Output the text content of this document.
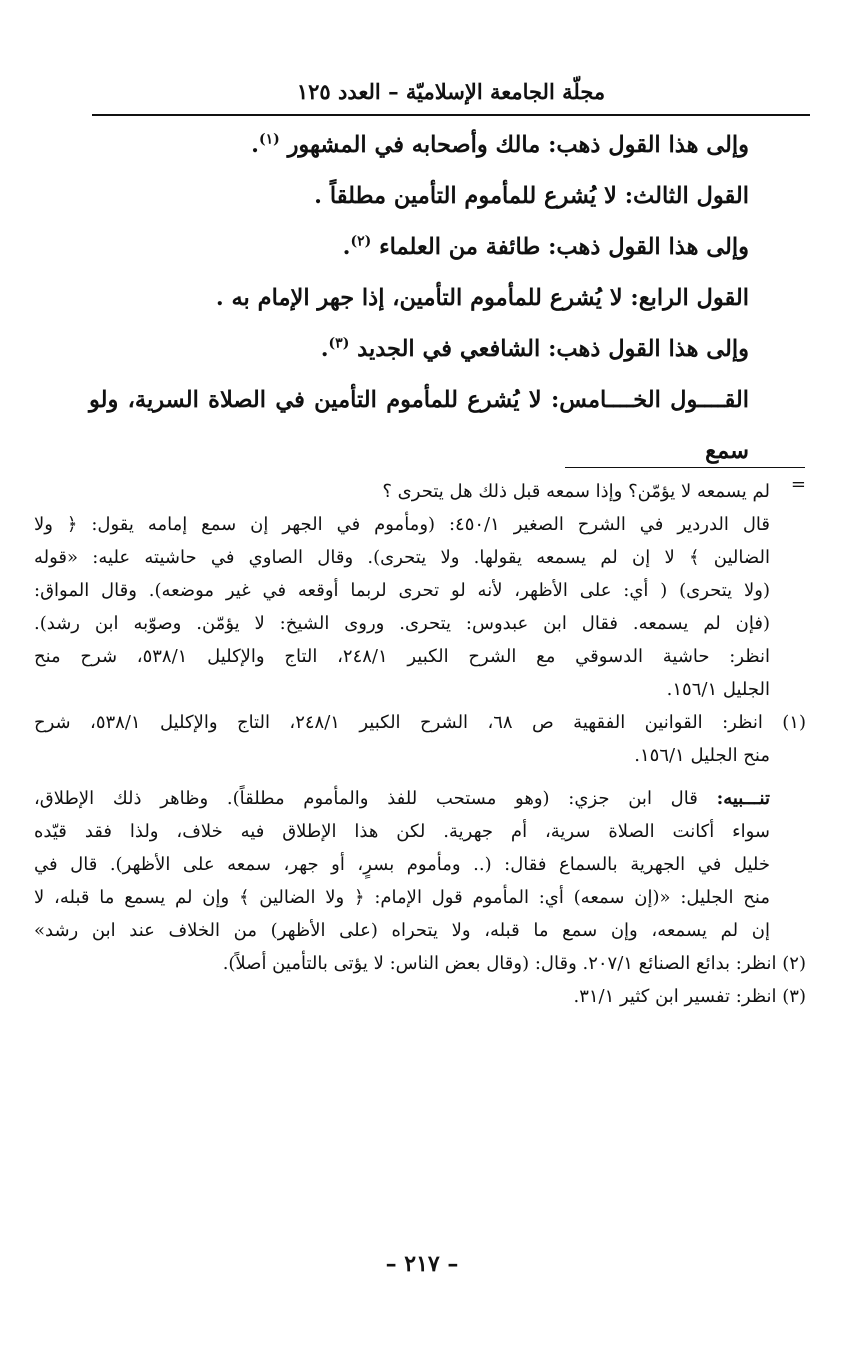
مجلّة الجامعة الإسلاميّة – العدد ١٢٥
وإلى هذا القول ذهب: مالك وأصحابه في المشهور $^{(١)}$.
القول الثالث: لا يُشرع للمأموم التأمين مطلقاً .
وإلى هذا القول ذهب: طائفة من العلماء $^{(٢)}$.
القول الرابع: لا يُشرع للمأموم التأمين، إذا جهر الإمام به .
وإلى هذا القول ذهب: الشافعي في الجديد $^{(٣)}$.
القــــول الخــــامس: لا يُشرع للمأموم التأمين في الصلاة السرية، ولو سمع
=
لم يسمعه لا يؤمّن؟ وإذا سمعه قبل ذلك هل يتحرى ؟
قال الدردير في الشرح الصغير ٤٥٠/١: (ومأموم في الجهر إن سمع إمامه يقول: ﴿ ولا
الضالين ﴾ لا إن لم يسمعه يقولها. ولا يتحرى). وقال الصاوي في حاشيته عليه: «قوله
(ولا يتحرى) ( أي: على الأظهر، لأنه لو تحرى لربما أوقعه في غير موضعه). وقال المواق:
(فإن لم يسمعه. فقال ابن عبدوس: يتحرى. وروى الشيخ: لا يؤمّن. وصوّبه ابن رشد).
انظر: حاشية الدسوقي مع الشرح الكبير ٢٤٨/١، التاج والإكليل ٥٣٨/١، شرح منح
الجليل ١٥٦/١.
(١) انظر: القوانين الفقهية ص ٦٨، الشرح الكبير ٢٤٨/١، التاج والإكليل ٥٣٨/١، شرح
منح الجليل ١٥٦/١.
تنـــبيه: قال ابن جزي: (وهو مستحب للفذ والمأموم مطلقاً). وظاهر ذلك الإطلاق،
سواء أكانت الصلاة سرية، أم جهرية. لكن هذا الإطلاق فيه خلاف، ولذا فقد قيّده
خليل في الجهرية بالسماع فقال: (.. ومأموم بسرٍ، أو جهر، سمعه على الأظهر). قال في
منح الجليل: «(إن سمعه) أي: المأموم قول الإمام: ﴿ ولا الضالين ﴾ وإن لم يسمع ما قبله، لا
إن لم يسمعه، وإن سمع ما قبله، ولا يتحراه (على الأظهر) من الخلاف عند ابن رشد»
(٢) انظر: بدائع الصنائع ٢٠٧/١. وقال: (وقال بعض الناس: لا يؤتى بالتأمين أصلاً).
(٣) انظر: تفسير ابن كثير ٣١/١.
– ٢١٧ –
